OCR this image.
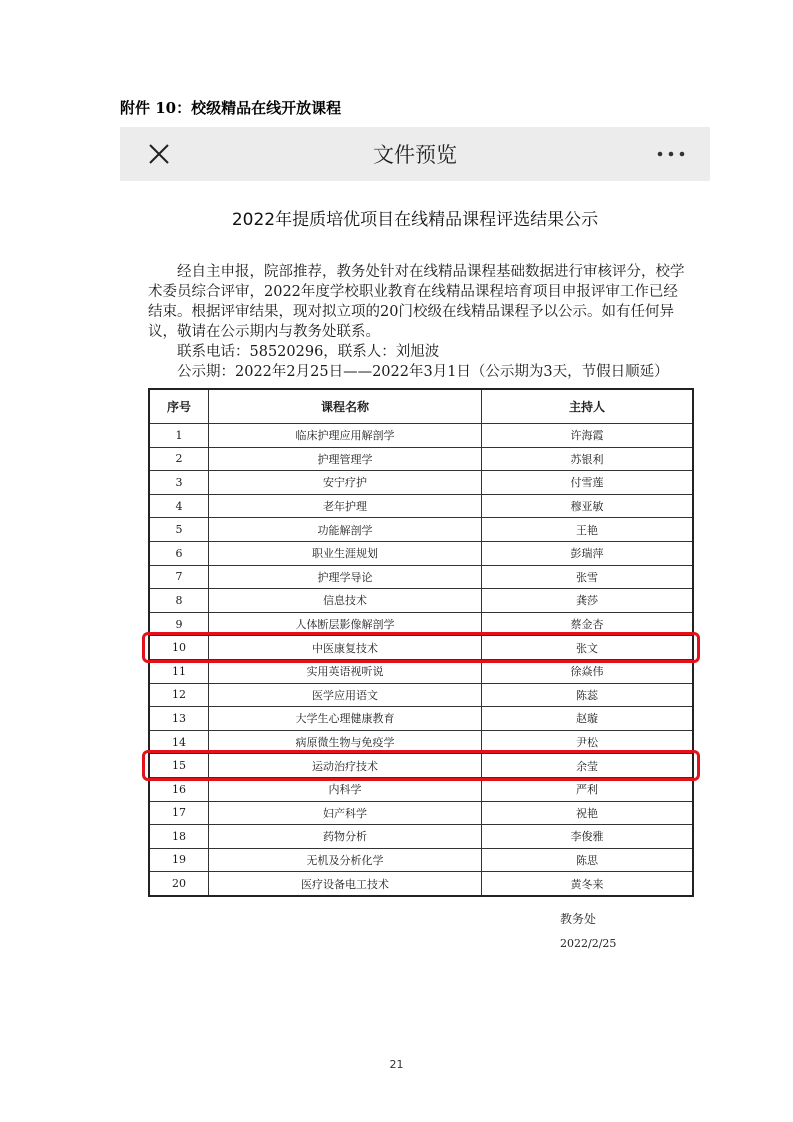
附件 10：校级精品在线开放课程
文件预览
2022年提质培优项目在线精品课程评选结果公示

经自主申报，院部推荐，教务处针对在线精品课程基础数据进行审核评分，校学术委员综合评审，2022年度学校职业教育在线精品课程培育项目申报评审工作已经结束。根据评审结果，现对拟立项的20门校级在线精品课程予以公示。如有任何异议，敬请在公示期内与教务处联系。

联系电话：58520296，联系人：刘旭波

公示期：2022年2月25日——2022年3月1日（公示期为3天，节假日顺延）

序号	课程名称	主持人
1	临床护理应用解剖学	许海霞
2	护理管理学	苏银利
3	安宁疗护	付雪莲
4	老年护理	穆亚敏
5	功能解剖学	王艳
6	职业生涯规划	彭瑞萍
7	护理学导论	张雪
8	信息技术	龚莎
9	人体断层影像解剖学	蔡金杏
10	中医康复技术	张文
11	实用英语视听说	徐焱伟
12	医学应用语文	陈蕊
13	大学生心理健康教育	赵璇
14	病原微生物与免疫学	尹松
15	运动治疗技术	余莹
16	内科学	严利
17	妇产科学	祝艳
18	药物分析	李俊雅
19	无机及分析化学	陈思
20	医疗设备电工技术	黄冬来
教务处
2022/2/25
21
